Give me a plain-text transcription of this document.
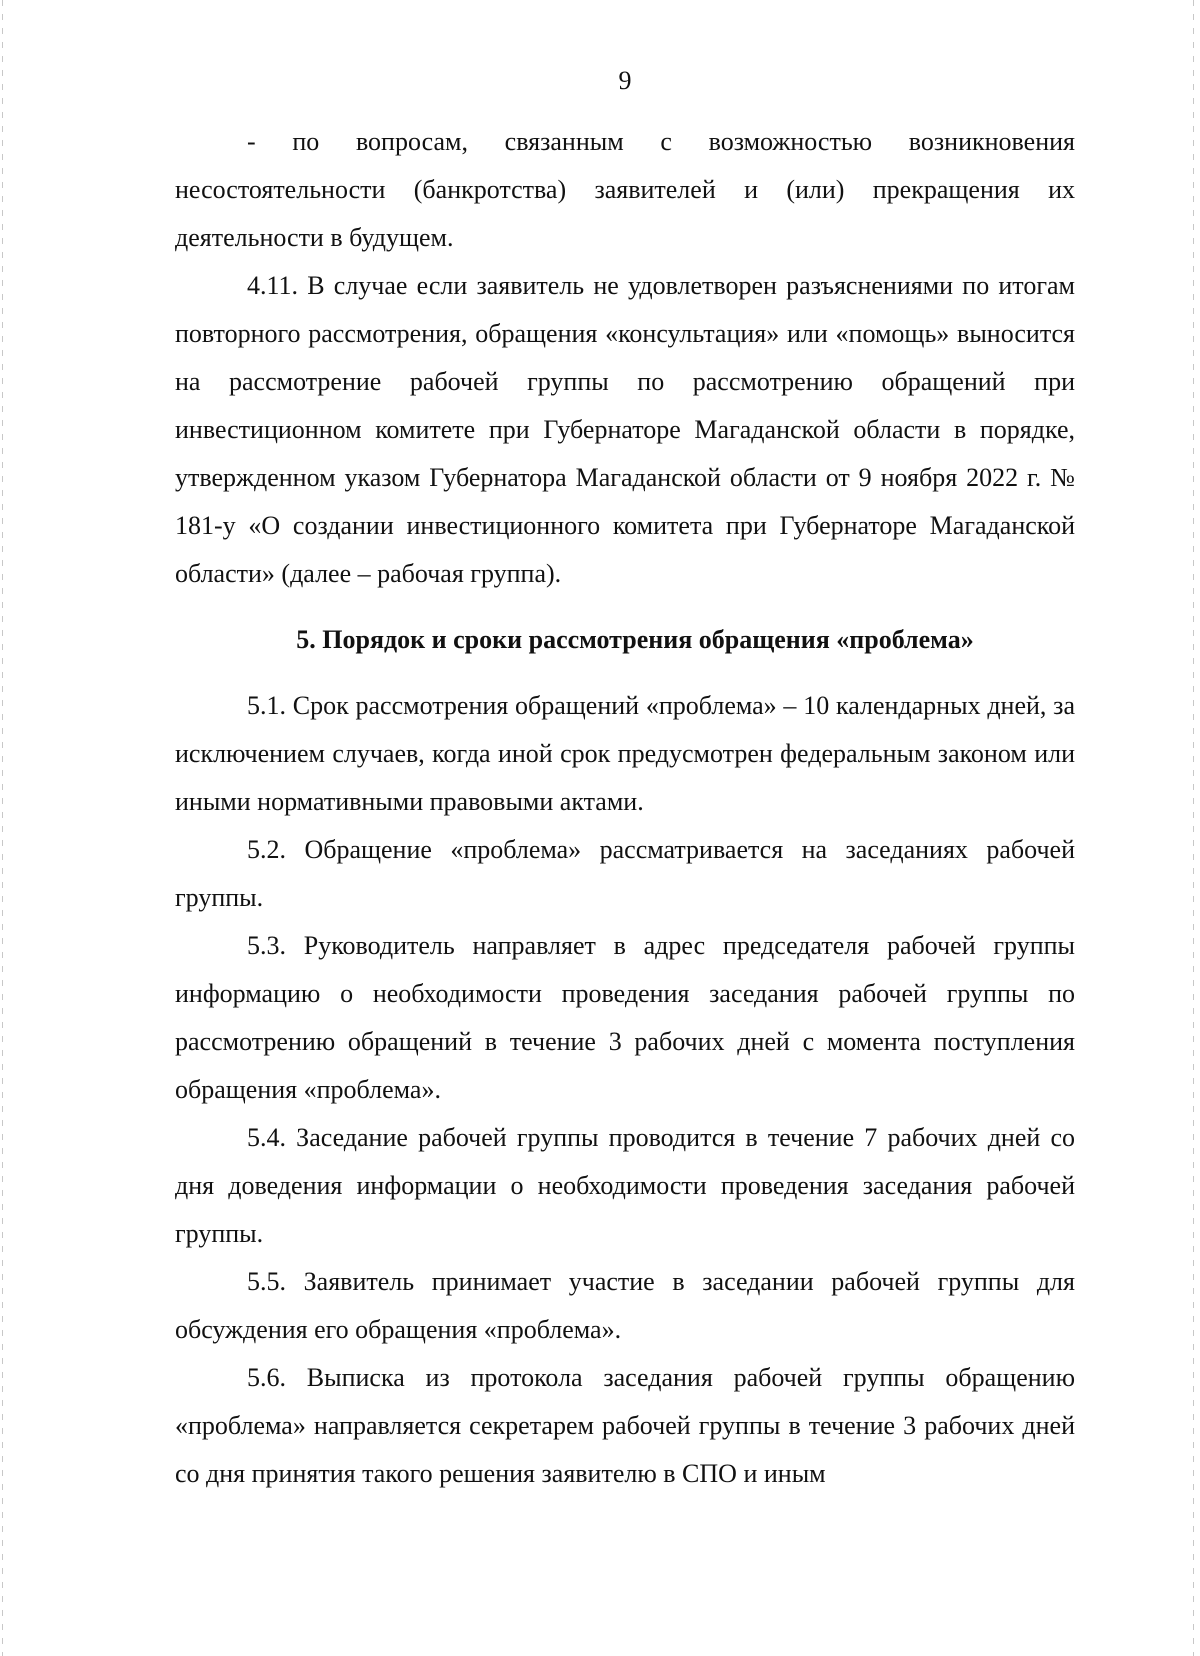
9

- по вопросам, связанным с возможностью возникновения несостоятельности (банкротства) заявителей и (или) прекращения их деятельности в будущем.

4.11. В случае если заявитель не удовлетворен разъяснениями по итогам повторного рассмотрения, обращения «консультация» или «помощь» выносится на рассмотрение рабочей группы по рассмотрению обращений при инвестиционном комитете при Губернаторе Магаданской области в порядке, утвержденном указом Губернатора Магаданской области от 9 ноября 2022 г. № 181-у «О создании инвестиционного комитета при Губернаторе Магаданской области» (далее – рабочая группа).

5. Порядок и сроки рассмотрения обращения «проблема»

5.1. Срок рассмотрения обращений «проблема» – 10 календарных дней, за исключением случаев, когда иной срок предусмотрен федеральным законом или иными нормативными правовыми актами.

5.2. Обращение «проблема» рассматривается на заседаниях рабочей группы.

5.3. Руководитель направляет в адрес председателя рабочей группы информацию о необходимости проведения заседания рабочей группы по рассмотрению обращений в течение 3 рабочих дней с момента поступления обращения «проблема».

5.4. Заседание рабочей группы проводится в течение 7 рабочих дней со дня доведения информации о необходимости проведения заседания рабочей группы.

5.5. Заявитель принимает участие в заседании рабочей группы для обсуждения его обращения «проблема».

5.6. Выписка из протокола заседания рабочей группы обращению «проблема» направляется секретарем рабочей группы в течение 3 рабочих дней со дня принятия такого решения заявителю в СПО и иным
